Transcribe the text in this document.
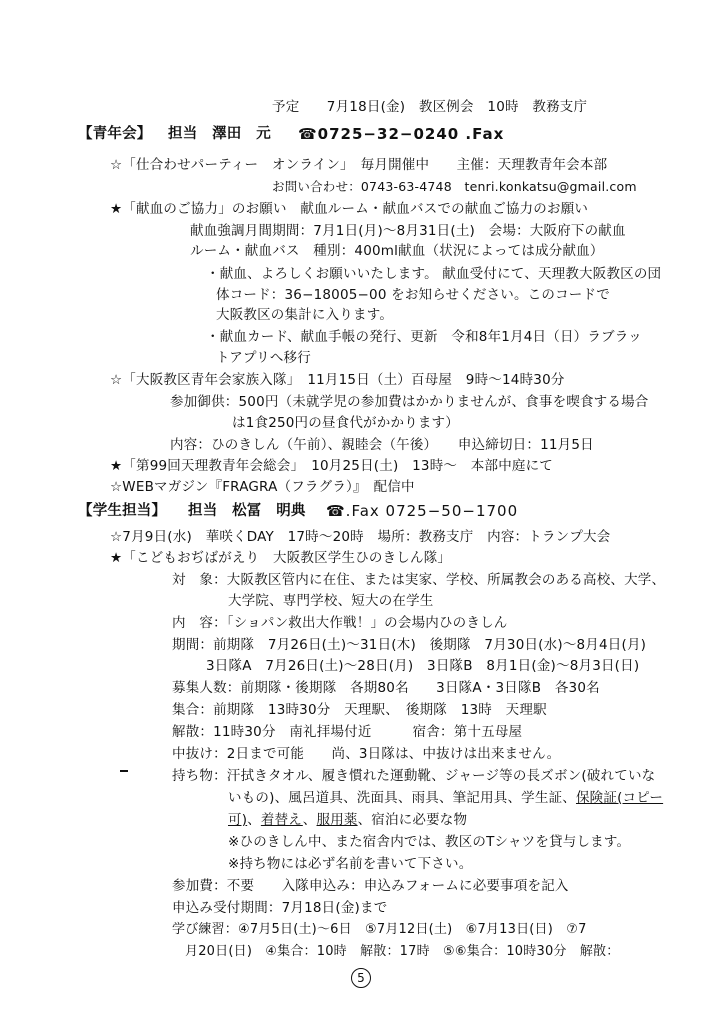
予定　　7月18日(金)　教区例会　10時　教務支庁
【青年会】 担当　澤田　元 ☎0725−32−0240 .Fax
☆「仕合わせパーティー　オンライン」　毎月開催中　　主催：天理教青年会本部
お問い合わせ：0743-63-4748　tenri.konkatsu@gmail.com
★「献血のご協力」のお願い　献血ルーム・献血バスでの献血ご協力のお願い
献血強調月間期間：7月1日(月)〜8月31日(土)　会場：大阪府下の献血
ルーム・献血バス　種別：400ml献血（状況によっては成分献血）
・献血、よろしくお願いいたします。 献血受付にて、天理教大阪教区の団
体コード：36−18005−00 をお知らせください。このコードで
大阪教区の集計に入ります。
・献血カード、献血手帳の発行、更新　令和8年1月4日（日）ラブラッ
トアプリへ移行
☆「大阪教区青年会家族入隊」　11月15日（土）百母屋　9時〜14時30分
参加御供：500円（未就学児の参加費はかかりませんが、食事を喫食する場合
は1食250円の昼食代がかかります）
内容：ひのきしん（午前）、親睦会（午後）　　申込締切日：11月5日
★「第99回天理教青年会総会」　10月25日(土)　13時〜　本部中庭にて
☆WEBマガジン『FRAGRA（フラグラ）』　配信中
【学生担当】 担当　松冨　明典 ☎.Fax 0725−50−1700
☆7月9日(水)　華咲くDAY　17時〜20時　場所：教務支庁　内容：トランプ大会
★「こどもおぢばがえり　大阪教区学生ひのきしん隊」
対　象：大阪教区管内に在住、または実家、学校、所属教会のある高校、大学、
大学院、専門学校、短大の在学生
内　容：「ショパン救出大作戦！」の会場内ひのきしん
期間：前期隊　7月26日(土)〜31日(木)　後期隊　7月30日(水)〜8月4日(月)
3日隊A　7月26日(土)〜28日(月)　3日隊B　8月1日(金)〜8月3日(日)
募集人数：前期隊・後期隊　各期80名　　3日隊A・3日隊B　各30名
集合：前期隊　13時30分　天理駅、　後期隊　13時　天理駅
解散：11時30分　南礼拝場付近　　　宿舎：第十五母屋
中抜け：2日まで可能　　尚、3日隊は、中抜けは出来ません。
持ち物：汗拭きタオル、履き慣れた運動靴、ジャージ等の長ズボン(破れていな
いもの)、風呂道具、洗面具、雨具、筆記用具、学生証、保険証(コピー
可)、着替え、服用薬、宿泊に必要な物
※ひのきしん中、また宿舎内では、教区のTシャツを貸与します。
※持ち物には必ず名前を書いて下さい。
参加費：不要　　入隊申込み：申込みフォームに必要事項を記入
申込み受付期間：7月18日(金)まで
学び練習：④7月5日(土)〜6日　⑤7月12日(土)　⑥7月13日(日)　⑦7
月20日(日)　④集合：10時　解散：17時　⑤⑥集合：10時30分　解散：
5
